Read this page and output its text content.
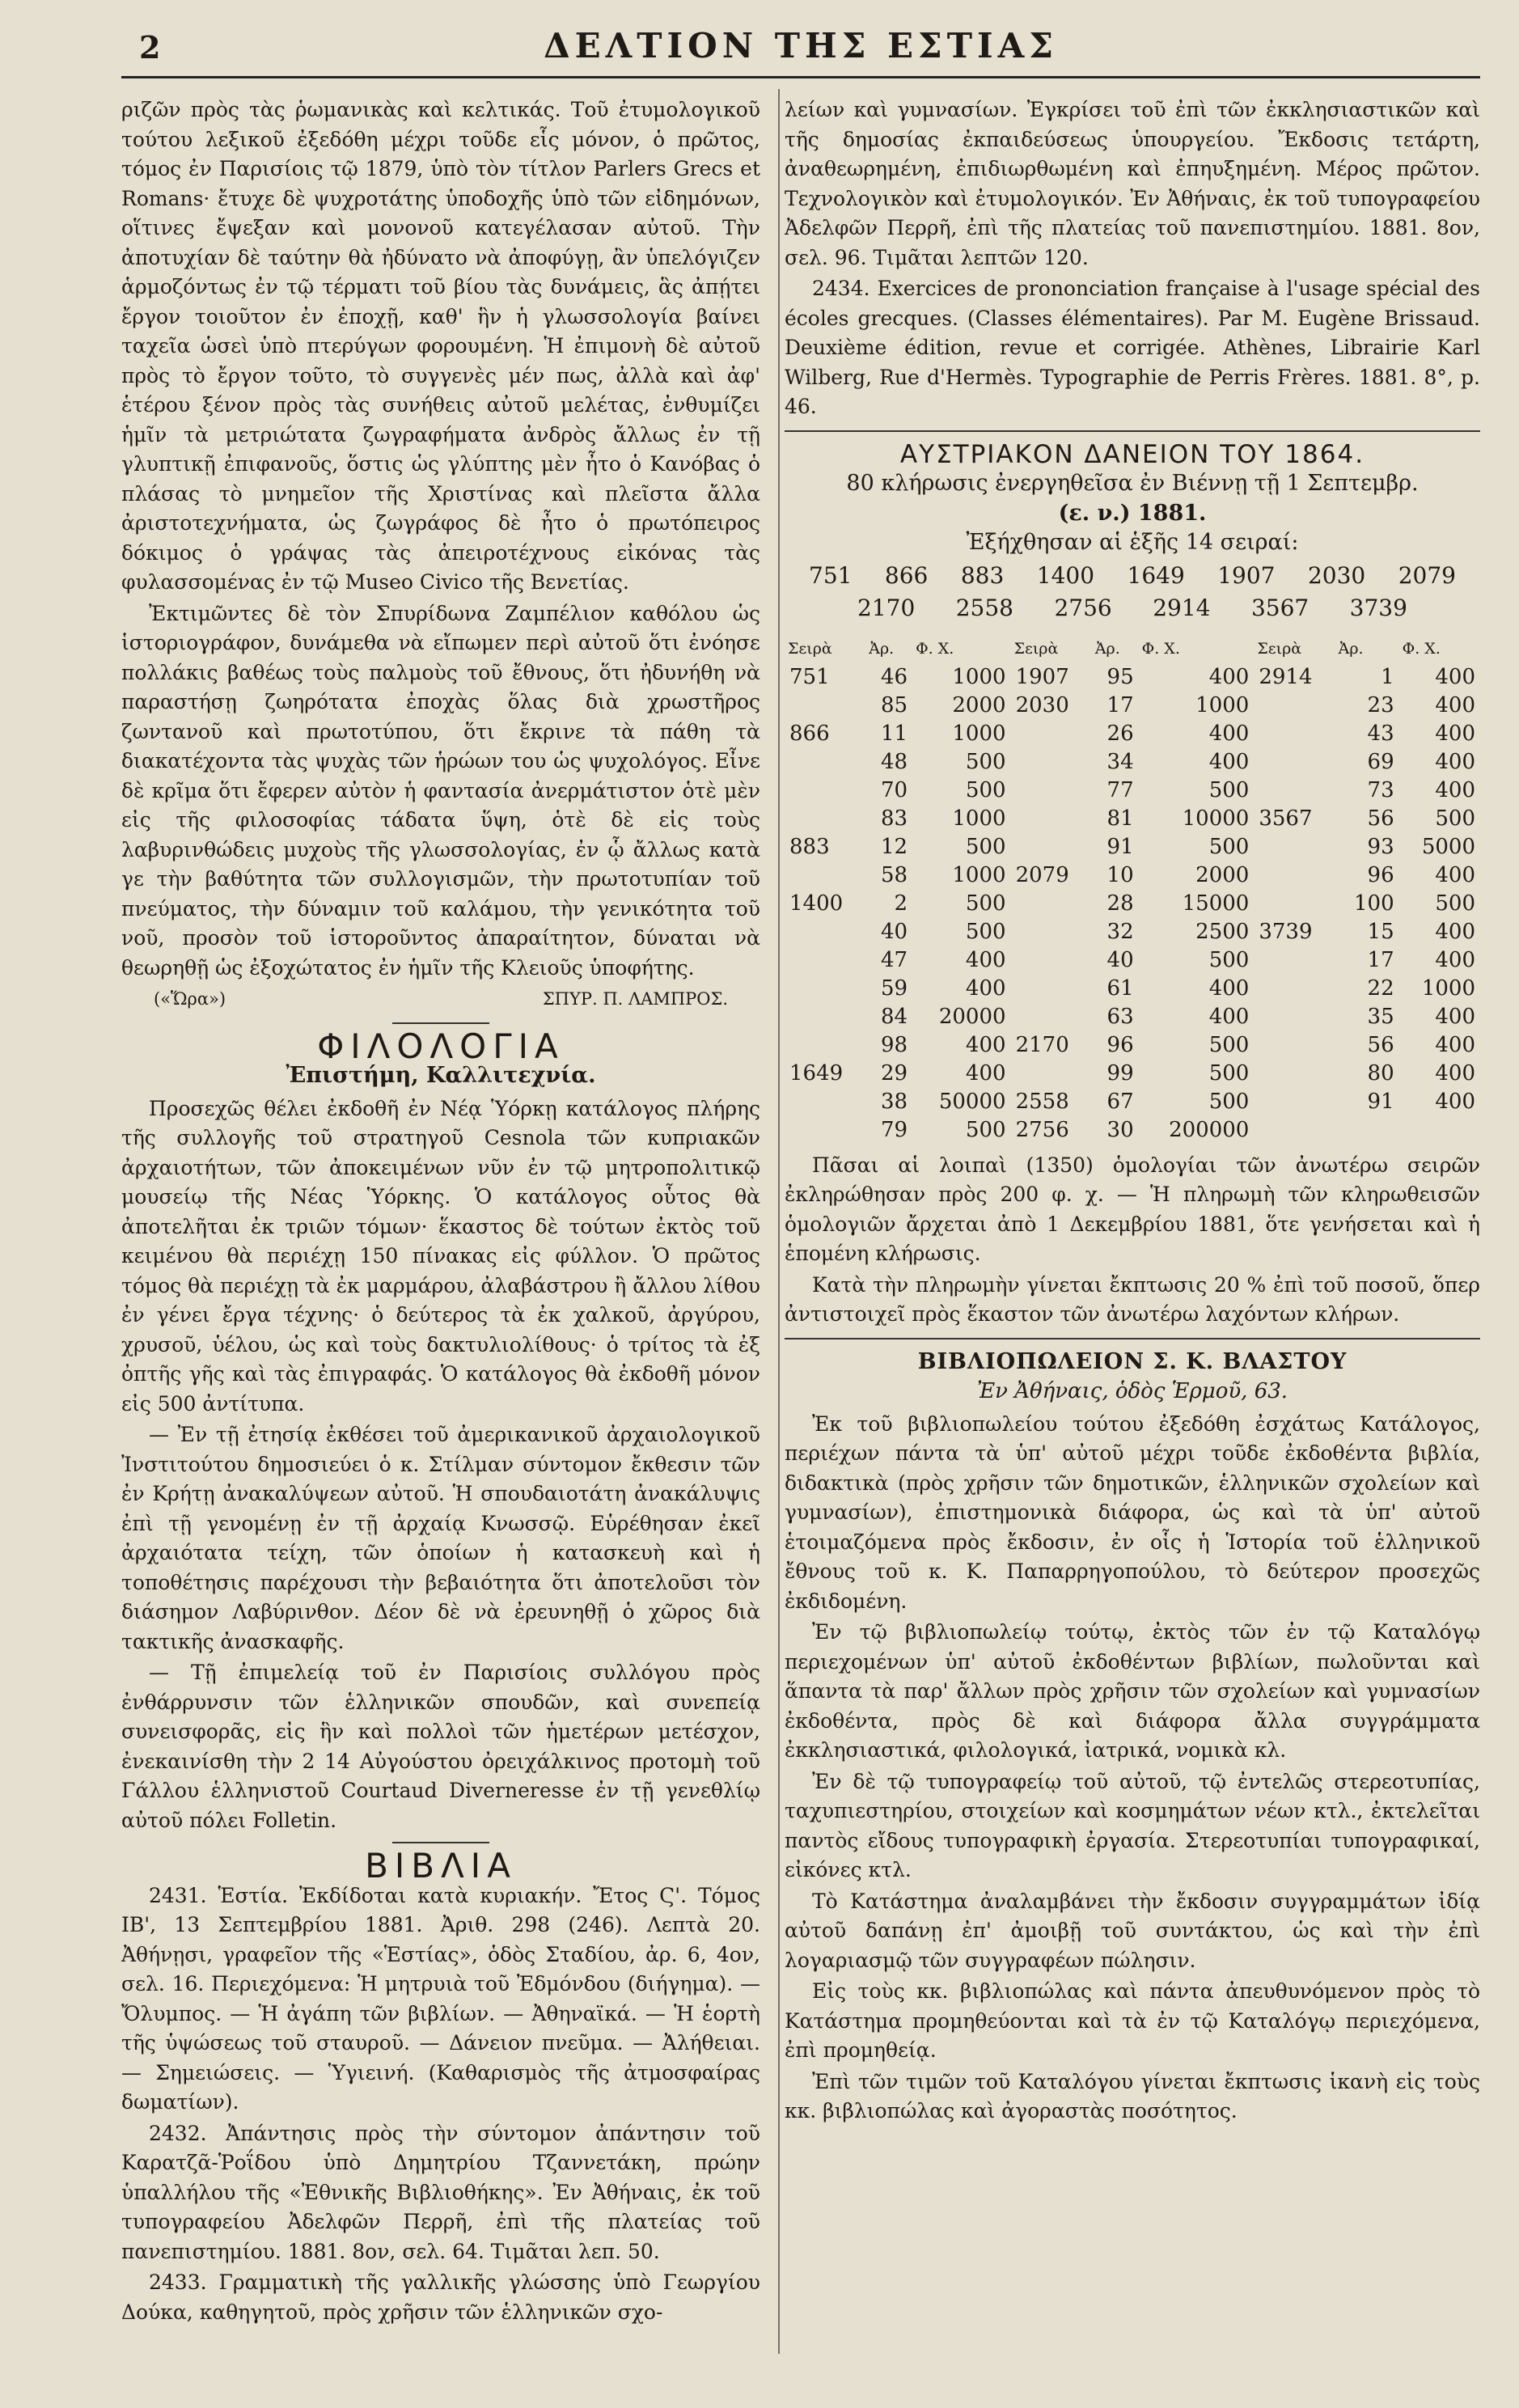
2	ΔΕΛΤΙΟΝ ΤΗΣ ΕΣΤΙΑΣ

ριζῶν πρὸς τὰς ῥωμανικὰς καὶ κελτικάς. Τοῦ ἐτυμολογικοῦ τούτου λεξικοῦ ἐξεδόθη μέχρι τοῦδε εἷς μόνον, ὁ πρῶτος, τόμος ἐν Παρισίοις τῷ 1879, ὑπὸ τὸν τίτλον Parlers Grecs et Romans· ἔτυχε δὲ ψυχροτάτης ὑποδοχῆς ὑπὸ τῶν εἰδημόνων, οἵτινες ἔψεξαν καὶ μονονοῦ κατεγέλασαν αὐτοῦ. Τὴν ἀποτυχίαν δὲ ταύτην θὰ ἠδύνατο νὰ ἀποφύγῃ, ἂν ὑπελόγιζεν ἁρμοζόντως ἐν τῷ τέρματι τοῦ βίου τὰς δυνάμεις, ἃς ἀπῄτει ἔργον τοιοῦτον ἐν ἐποχῇ, καθ' ἣν ἡ γλωσσολογία βαίνει ταχεῖα ὡσεὶ ὑπὸ πτερύγων φορουμένη. Ἡ ἐπιμονὴ δὲ αὐτοῦ πρὸς τὸ ἔργον τοῦτο, τὸ συγγενὲς μέν πως, ἀλλὰ καὶ ἀφ' ἑτέρου ξένον πρὸς τὰς συνήθεις αὐτοῦ μελέτας, ἐνθυμίζει ἡμῖν τὰ μετριώτατα ζωγραφήματα ἀνδρὸς ἄλλως ἐν τῇ γλυπτικῇ ἐπιφανοῦς, ὅστις ὡς γλύπτης μὲν ἦτο ὁ Κανόβας ὁ πλάσας τὸ μνημεῖον τῆς Χριστίνας καὶ πλεῖστα ἄλλα ἀριστοτεχνήματα, ὡς ζωγράφος δὲ ἦτο ὁ πρωτόπειρος δόκιμος ὁ γράψας τὰς ἀπειροτέχνους εἰκόνας τὰς φυλασσομένας ἐν τῷ Museo Civico τῆς Βενετίας.

Ἐκτιμῶντες δὲ τὸν Σπυρίδωνα Ζαμπέλιον καθόλου ὡς ἱστοριογράφον, δυνάμεθα νὰ εἴπωμεν περὶ αὐτοῦ ὅτι ἐνόησε πολλάκις βαθέως τοὺς παλμοὺς τοῦ ἔθνους, ὅτι ἠδυνήθη νὰ παραστήσῃ ζωηρότατα ἐποχὰς ὅλας διὰ χρωστῆρος ζωντανοῦ καὶ πρωτοτύπου, ὅτι ἔκρινε τὰ πάθη τὰ διακατέχοντα τὰς ψυχὰς τῶν ἡρώων του ὡς ψυχολόγος. Εἶνε δὲ κρῖμα ὅτι ἔφερεν αὐτὸν ἡ φαντασία ἀνερμάτιστον ὁτὲ μὲν εἰς τῆς φιλοσοφίας τάδατα ὕψη, ὁτὲ δὲ εἰς τοὺς λαβυρινθώδεις μυχοὺς τῆς γλωσσολογίας, ἐν ᾧ ἄλλως κατὰ γε τὴν βαθύτητα τῶν συλλογισμῶν, τὴν πρωτοτυπίαν τοῦ πνεύματος, τὴν δύναμιν τοῦ καλάμου, τὴν γενικότητα τοῦ νοῦ, προσὸν τοῦ ἱστοροῦντος ἀπαραίτητον, δύναται νὰ θεωρηθῇ ὡς ἐξοχώτατος ἐν ἡμῖν τῆς Κλειοῦς ὑποφήτης.

(«Ὥρα»)	ΣΠΥΡ. Π. ΛΑΜΠΡΟΣ.
ΦΙΛΟΛΟΓΙΑ
Ἐπιστήμη, Καλλιτεχνία.

Προσεχῶς θέλει ἐκδοθῆ ἐν Νέᾳ Ὑόρκῃ κατάλογος πλήρης τῆς συλλογῆς τοῦ στρατηγοῦ Cesnola τῶν κυπριακῶν ἀρχαιοτήτων, τῶν ἀποκειμένων νῦν ἐν τῷ μητροπολιτικῷ μουσείῳ τῆς Νέας Ὑόρκης. Ὁ κατάλογος οὗτος θὰ ἀποτελῆται ἐκ τριῶν τόμων· ἕκαστος δὲ τούτων ἐκτὸς τοῦ κειμένου θὰ περιέχῃ 150 πίνακας εἰς φύλλον. Ὁ πρῶτος τόμος θὰ περιέχῃ τὰ ἐκ μαρμάρου, ἀλαβάστρου ἢ ἄλλου λίθου ἐν γένει ἔργα τέχνης· ὁ δεύτερος τὰ ἐκ χαλκοῦ, ἀργύρου, χρυσοῦ, ὑέλου, ὡς καὶ τοὺς δακτυλιολίθους· ὁ τρίτος τὰ ἐξ ὀπτῆς γῆς καὶ τὰς ἐπιγραφάς. Ὁ κατάλογος θὰ ἐκδοθῆ μόνον εἰς 500 ἀντίτυπα.

— Ἐν τῇ ἐτησίᾳ ἐκθέσει τοῦ ἀμερικανικοῦ ἀρχαιολογικοῦ Ἰνστιτούτου δημοσιεύει ὁ κ. Στίλμαν σύντομον ἔκθεσιν τῶν ἐν Κρήτῃ ἀνακαλύψεων αὐτοῦ. Ἡ σπουδαιοτάτη ἀνακάλυψις ἐπὶ τῇ γενομένῃ ἐν τῇ ἀρχαίᾳ Κνωσσῷ. Εὑρέθησαν ἐκεῖ ἀρχαιότατα τείχη, τῶν ὁποίων ἡ κατασκευὴ καὶ ἡ τοποθέτησις παρέχουσι τὴν βεβαιότητα ὅτι ἀποτελοῦσι τὸν διάσημον Λαβύρινθον. Δέον δὲ νὰ ἐρευνηθῇ ὁ χῶρος διὰ τακτικῆς ἀνασκαφῆς.

— Τῇ ἐπιμελείᾳ τοῦ ἐν Παρισίοις συλλόγου πρὸς ἐνθάρρυνσιν τῶν ἑλληνικῶν σπουδῶν, καὶ συνεπείᾳ συνεισφορᾶς, εἰς ἣν καὶ πολλοὶ τῶν ἡμετέρων μετέσχον, ἐνεκαινίσθη τὴν 2 14 Αὐγούστου ὀρειχάλκινος προτομὴ τοῦ Γάλλου ἑλληνιστοῦ Courtaud Diverneresse ἐν τῇ γενεθλίῳ αὐτοῦ πόλει Folletin.

ΒΙΒΛΙΑ

2431. Ἑστία. Ἐκδίδοται κατὰ κυριακήν. Ἔτος Ϛ'. Τόμος ΙΒ', 13 Σεπτεμβρίου 1881. Ἀριθ. 298 (246). Λεπτὰ 20. Ἀθήνῃσι, γραφεῖον τῆς «Ἑστίας», ὁδὸς Σταδίου, ἀρ. 6, 4ον, σελ. 16. Περιεχόμενα: Ἡ μητρυιὰ τοῦ Ἐδμόνδου (διήγημα). — Ὄλυμπος. — Ἡ ἀγάπη τῶν βιβλίων. — Ἀθηναϊκά. — Ἡ ἑορτὴ τῆς ὑψώσεως τοῦ σταυροῦ. — Δάνειον πνεῦμα. — Ἀλήθειαι. — Σημειώσεις. — Ὑγιεινή. (Καθαρισμὸς τῆς ἀτμοσφαίρας δωματίων).

2432. Ἀπάντησις πρὸς τὴν σύντομον ἀπάντησιν τοῦ Καρατζᾶ-Ῥοΐδου ὑπὸ Δημητρίου Τζαννετάκη, πρώην ὑπαλλήλου τῆς «Ἐθνικῆς Βιβλιοθήκης». Ἐν Ἀθήναις, ἐκ τοῦ τυπογραφείου Ἀδελφῶν Περρῆ, ἐπὶ τῆς πλατείας τοῦ πανεπιστημίου. 1881. 8ον, σελ. 64. Τιμᾶται λεπ. 50.

2433. Γραμματικὴ τῆς γαλλικῆς γλώσσης ὑπὸ Γεωργίου Δούκα, καθηγητοῦ, πρὸς χρῆσιν τῶν ἑλληνικῶν σχο-

λείων καὶ γυμνασίων. Ἐγκρίσει τοῦ ἐπὶ τῶν ἐκκλησιαστικῶν καὶ τῆς δημοσίας ἐκπαιδεύσεως ὑπουργείου. Ἔκδοσις τετάρτη, ἀναθεωρημένη, ἐπιδιωρθωμένη καὶ ἐπηυξημένη. Μέρος πρῶτον. Τεχνολογικὸν καὶ ἐτυμολογικόν. Ἐν Ἀθήναις, ἐκ τοῦ τυπογραφείου Ἀδελφῶν Περρῆ, ἐπὶ τῆς πλατείας τοῦ πανεπιστημίου. 1881. 8ον, σελ. 96. Τιμᾶται λεπτῶν 120.

2434. Exercices de prononciation française à l'usage spécial des écoles grecques. (Classes élémentaires). Par M. Eugène Brissaud. Deuxième édition, revue et corrigée. Athènes, Librairie Karl Wilberg, Rue d'Hermès. Typographie de Perris Frères. 1881. 8°, p. 46.

ΑΥΣΤΡΙΑΚΟΝ ΔΑΝΕΙΟΝ ΤΟΥ 1864.
80 κλήρωσις ἐνεργηθεῖσα ἐν Βιέννῃ τῇ 1 Σεπτεμβρ.
(ε. ν.) 1881.
Ἐξήχθησαν αἱ ἑξῆς 14 σειραί:
751 866 883 1400 1649 1907 2030 2079
2170 2558 2756 2914 3567 3739
Σειρὰ	Ἀρ.	Φ. Χ.	Σειρὰ	Ἀρ.	Φ. Χ.	Σειρὰ	Ἀρ.	Φ. Χ.
751	46	1000	1907	95	400	2914	1	400
	85	2000	2030	17	1000		23	400
866	11	1000		26	400		43	400
	48	500		34	400		69	400
	70	500		77	500		73	400
	83	1000		81	10000	3567	56	500
883	12	500		91	500		93	5000
	58	1000	2079	10	2000		96	400
1400	2	500		28	15000		100	500
	40	500		32	2500	3739	15	400
	47	400		40	500		17	400
	59	400		61	400		22	1000
	84	20000		63	400		35	400
	98	400	2170	96	500		56	400
1649	29	400		99	500		80	400
	38	50000	2558	67	500		91	400
	79	500	2756	30	200000			

Πᾶσαι αἱ λοιπαὶ (1350) ὁμολογίαι τῶν ἀνωτέρω σειρῶν ἐκληρώθησαν πρὸς 200 φ. χ. — Ἡ πληρωμὴ τῶν κληρωθεισῶν ὁμολογιῶν ἄρχεται ἀπὸ 1 Δεκεμβρίου 1881, ὅτε γενήσεται καὶ ἡ ἑπομένη κλήρωσις.

Κατὰ τὴν πληρωμὴν γίνεται ἔκπτωσις 20 % ἐπὶ τοῦ ποσοῦ, ὅπερ ἀντιστοιχεῖ πρὸς ἕκαστον τῶν ἀνωτέρω λαχόντων κλήρων.

ΒΙΒΛΙΟΠΩΛΕΙΟΝ Σ. Κ. ΒΛΑΣΤΟΥ
Ἐν Ἀθήναις, ὁδὸς Ἑρμοῦ, 63.

Ἐκ τοῦ βιβλιοπωλείου τούτου ἐξεδόθη ἐσχάτως Κατάλογος, περιέχων πάντα τὰ ὑπ' αὐτοῦ μέχρι τοῦδε ἐκδοθέντα βιβλία, διδακτικὰ (πρὸς χρῆσιν τῶν δημοτικῶν, ἑλληνικῶν σχολείων καὶ γυμνασίων), ἐπιστημονικὰ διάφορα, ὡς καὶ τὰ ὑπ' αὐτοῦ ἑτοιμαζόμενα πρὸς ἔκδοσιν, ἐν οἷς ἡ Ἱστορία τοῦ ἑλληνικοῦ ἔθνους τοῦ κ. Κ. Παπαρρηγοπούλου, τὸ δεύτερον προσεχῶς ἐκδιδομένη.

Ἐν τῷ βιβλιοπωλείῳ τούτῳ, ἐκτὸς τῶν ἐν τῷ Καταλόγῳ περιεχομένων ὑπ' αὐτοῦ ἐκδοθέντων βιβλίων, πωλοῦνται καὶ ἅπαντα τὰ παρ' ἄλλων πρὸς χρῆσιν τῶν σχολείων καὶ γυμνασίων ἐκδοθέντα, πρὸς δὲ καὶ διάφορα ἄλλα συγγράμματα ἐκκλησιαστικά, φιλολογικά, ἰατρικά, νομικὰ κλ.

Ἐν δὲ τῷ τυπογραφείῳ τοῦ αὐτοῦ, τῷ ἐντελῶς στερεοτυπίας, ταχυπιεστηρίου, στοιχείων καὶ κοσμημάτων νέων κτλ., ἐκτελεῖται παντὸς εἴδους τυπογραφικὴ ἐργασία. Στερεοτυπίαι τυπογραφικαί, εἰκόνες κτλ.

Τὸ Κατάστημα ἀναλαμβάνει τὴν ἔκδοσιν συγγραμμάτων ἰδίᾳ αὐτοῦ δαπάνῃ ἐπ' ἀμοιβῇ τοῦ συντάκτου, ὡς καὶ τὴν ἐπὶ λογαριασμῷ τῶν συγγραφέων πώλησιν.

Εἰς τοὺς κκ. βιβλιοπώλας καὶ πάντα ἀπευθυνόμενον πρὸς τὸ Κατάστημα προμηθεύονται καὶ τὰ ἐν τῷ Καταλόγῳ περιεχόμενα, ἐπὶ προμηθείᾳ.

Ἐπὶ τῶν τιμῶν τοῦ Καταλόγου γίνεται ἔκπτωσις ἱκανὴ εἰς τοὺς κκ. βιβλιοπώλας καὶ ἀγοραστὰς ποσότητος.
